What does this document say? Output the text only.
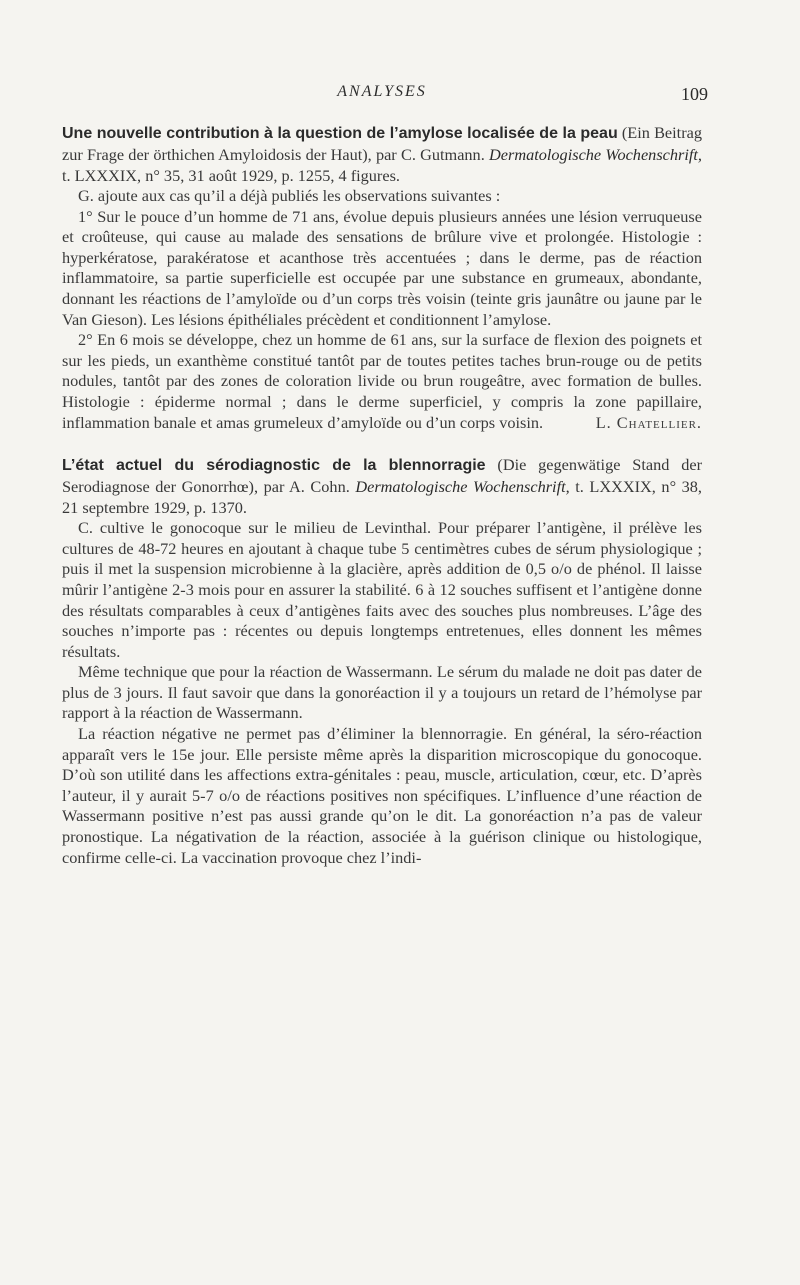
ANALYSES	109

Une nouvelle contribution à la question de l’amylose localisée de la peau (Ein Beitrag zur Frage der örthichen Amyloidosis der Haut), par C. Gutmann. Dermatologische Wochenschrift, t. LXXXIX, n° 35, 31 août 1929, p. 1255, 4 figures.

G. ajoute aux cas qu’il a déjà publiés les observations suivantes :

1° Sur le pouce d’un homme de 71 ans, évolue depuis plusieurs années une lésion verruqueuse et croûteuse, qui cause au malade des sensations de brûlure vive et prolongée. Histologie : hyperkératose, parakératose et acanthose très accentuées ; dans le derme, pas de réaction inflammatoire, sa partie superficielle est occupée par une substance en grumeaux, abondante, donnant les réactions de l’amyloïde ou d’un corps très voisin (teinte gris jaunâtre ou jaune par le Van Gieson). Les lésions épithéliales précèdent et conditionnent l’amylose.

2° En 6 mois se développe, chez un homme de 61 ans, sur la surface de flexion des poignets et sur les pieds, un exanthème constitué tantôt par de toutes petites taches brun-rouge ou de petits nodules, tantôt par des zones de coloration livide ou brun rougeâtre, avec formation de bulles. Histologie : épiderme normal ; dans le derme superficiel, y compris la zone papillaire, inflammation banale et amas grumeleux d’amyloïde ou d’un corps voisin.	L. Chatellier.

L’état actuel du sérodiagnostic de la blennorragie (Die gegenwätige Stand der Serodiagnose der Gonorrhœ), par A. Cohn. Dermatologische Wochenschrift, t. LXXXIX, n° 38, 21 septembre 1929, p. 1370.

C. cultive le gonocoque sur le milieu de Levinthal. Pour préparer l’antigène, il prélève les cultures de 48-72 heures en ajoutant à chaque tube 5 centimètres cubes de sérum physiologique ; puis il met la suspension microbienne à la glacière, après addition de 0,5 o/o de phénol. Il laisse mûrir l’antigène 2-3 mois pour en assurer la stabilité. 6 à 12 souches suffisent et l’antigène donne des résultats comparables à ceux d’antigènes faits avec des souches plus nombreuses. L’âge des souches n’importe pas : récentes ou depuis longtemps entretenues, elles donnent les mêmes résultats.

Même technique que pour la réaction de Wassermann. Le sérum du malade ne doit pas dater de plus de 3 jours. Il faut savoir que dans la gonoréaction il y a toujours un retard de l’hémolyse par rapport à la réaction de Wassermann.

La réaction négative ne permet pas d’éliminer la blennorragie. En général, la séro-réaction apparaît vers le 15e jour. Elle persiste même après la disparition microscopique du gonocoque. D’où son utilité dans les affections extra-génitales : peau, muscle, articulation, cœur, etc. D’après l’auteur, il y aurait 5-7 o/o de réactions positives non spécifiques. L’influence d’une réaction de Wassermann positive n’est pas aussi grande qu’on le dit. La gonoréaction n’a pas de valeur pronostique. La négativation de la réaction, associée à la guérison clinique ou histologique, confirme celle-ci. La vaccination provoque chez l’indi-
